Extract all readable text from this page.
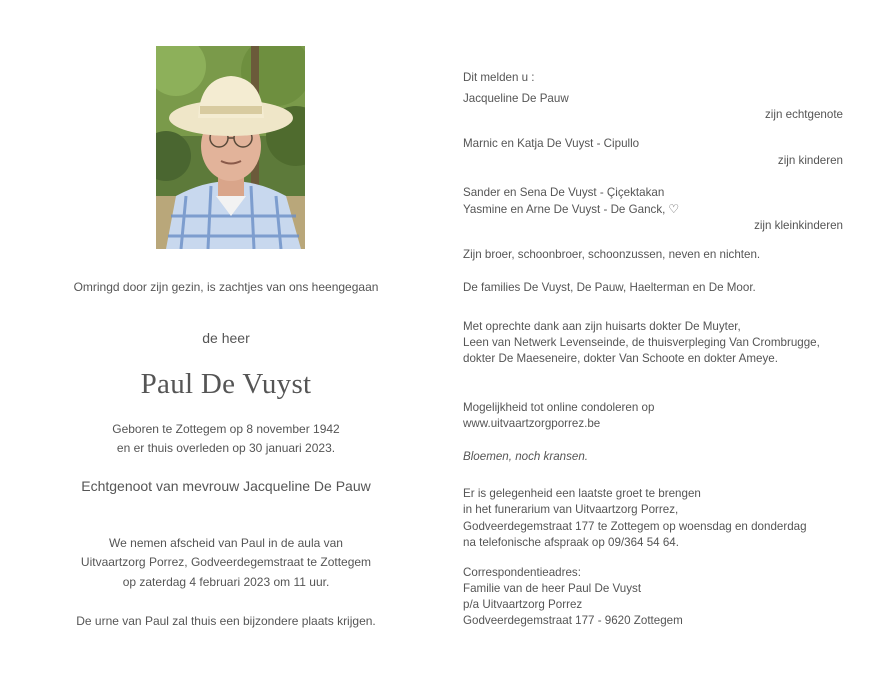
Omringd door zijn gezin, is zachtjes van ons heengegaan
de heer
Paul De Vuyst
Geboren te Zottegem op 8 november 1942
en er thuis overleden op 30 januari 2023.
Echtgenoot van mevrouw Jacqueline De Pauw
We nemen afscheid van Paul in de aula van
Uitvaartzorg Porrez, Godveerdegemstraat te Zottegem
op zaterdag 4 februari 2023 om 11 uur.
De urne van Paul zal thuis een bijzondere plaats krijgen.
Dit melden u :
Jacqueline De Pauw
zijn echtgenote
Marnic en Katja De Vuyst - Cipullo
zijn kinderen
Sander en Sena De Vuyst - Çiçektakan
Yasmine en Arne De Vuyst - De Ganck, ♡
zijn kleinkinderen
Zijn broer, schoonbroer, schoonzussen, neven en nichten.
De families De Vuyst, De Pauw, Haelterman en De Moor.
Met oprechte dank aan zijn huisarts dokter De Muyter,
Leen van Netwerk Levenseinde, de thuisverpleging Van Crombrugge,
dokter De Maeseneire, dokter Van Schoote en dokter Ameye.
Mogelijkheid tot online condoleren op
www.uitvaartzorgporrez.be
Bloemen, noch kransen.
Er is gelegenheid een laatste groet te brengen
in het funerarium van Uitvaartzorg Porrez,
Godveerdegemstraat 177 te Zottegem op woensdag en donderdag
na telefonische afspraak op 09/364 54 64.
Correspondentieadres:
Familie van de heer Paul De Vuyst
p/a Uitvaartzorg Porrez
Godveerdegemstraat 177 - 9620 Zottegem
